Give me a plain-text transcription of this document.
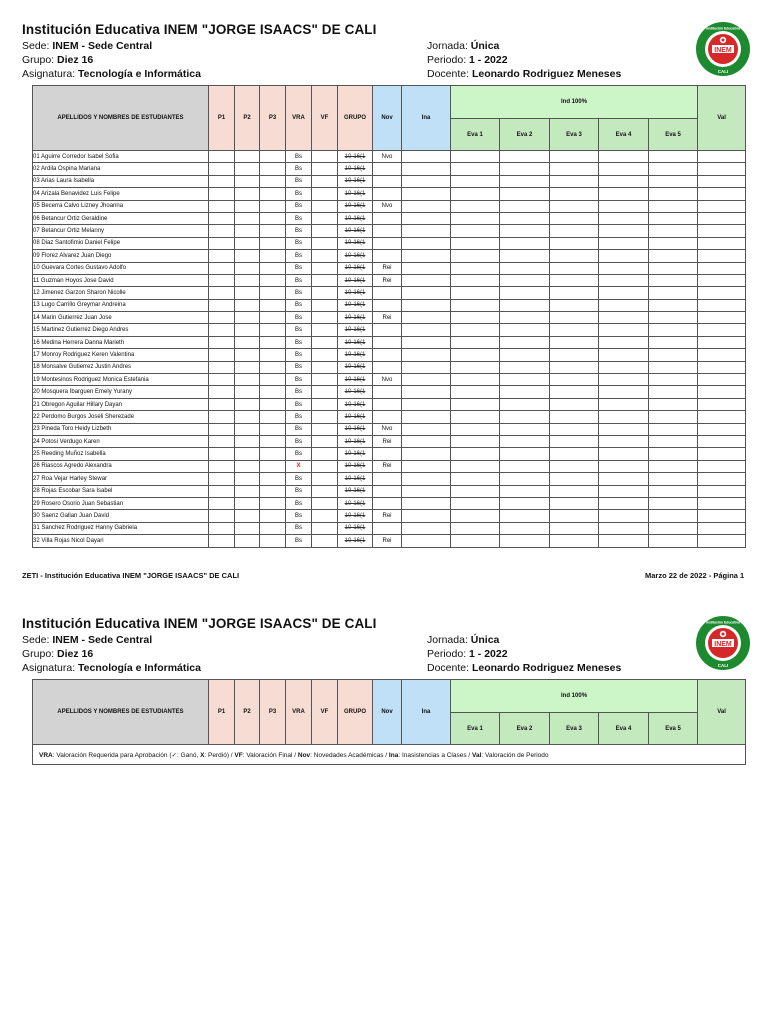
Institución Educativa INEM "JORGE ISAACS" DE CALI
Sede: INEM - Sede Central
Grupo: Diez 16
Asignatura: Tecnología e Informática
Jornada: Única
Periodo: 1 - 2022
Docente: Leonardo Rodriguez Meneses
INEM
CALI
Institución Educativa
APELLIDOS Y NOMBRES DE ESTUDIANTES	P1	P2	P3	VRA	VF	GRUPO	Nov	Ina	Ind 100%					Val
									Eva 1	Eva 2	Eva 3	Eva 4	Eva 5	
01 Aguirre Corredor Isabel Sofia				Bs		10-16(1	Nvo							
02 Ardila Ospina Mariana				Bs		10-16(1								
03 Arias Laura Isabella				Bs		10-16(1								
04 Arizala Benavidez Luis Felipe				Bs		10-16(1								
05 Becerra Calvo Lizney Jhoanna				Bs		10-16(1	Nvo							
06 Betancur Ortiz Geraldine				Bs		10-16(1								
07 Betancur Ortiz Melanny				Bs		10-16(1								
08 Diaz Santofimio Daniel Felipe				Bs		10-16(1								
09 Florez Alvarez Juan Diego				Bs		10-16(1								
10 Guevara Cortes Gustavo Adolfo				Bs		10-16(1	Rei							
11 Guzman Hoyos Jose David				Bs		10-16(1	Rei							
12 Jimenez Garzon Sharon Nicolle				Bs		10-16(1								
13 Lugo Carrillo Greymar Andreina				Bs		10-16(1								
14 Marin Gutierrez Juan Jose				Bs		10-16(1	Rei							
15 Martinez Gutierrez Diego Andres				Bs		10-16(1								
16 Medina Herrera Danna Marieth				Bs		10-16(1								
17 Monroy Rodriguez Keren Valentina				Bs		10-16(1								
18 Monsalve Gutierrez Justin Andres				Bs		10-16(1								
19 Montesinos Rodriguez Monica Estefania				Bs		10-16(1	Nvo							
20 Mosquera Ibarguen Emely Yurany				Bs		10-16(1								
21 Obregon Aguilar Hillary Dayan				Bs		10-16(1								
22 Perdomo Burgos Joseli Sherezade				Bs		10-16(1								
23 Pineda Toro Heidy Lizbeth				Bs		10-16(1	Nvo							
24 Potosi Verdugo Karen				Bs		10-16(1	Rei							
25 Reeding Muñoz Isabella				Bs		10-16(1								
26 Riascos Agredo Alexandra				X		10-16(1	Rei							
27 Roa Vejar Harley Stewar				Bs		10-16(1								
28 Rojas Escobar Sara Isabel				Bs		10-16(1								
29 Rosero Osorio Juan Sebastian				Bs		10-16(1								
30 Saenz Gallan Juan David				Bs		10-16(1	Rei							
31 Sanchez Rodriguez Hanny Gabriela				Bs		10-16(1								
32 Villa Rojas Nicol Dayari				Bs		10-16(1	Rei							
ZETI - Institución Educativa INEM "JORGE ISAACS" DE CALI	Marzo 22 de 2022 - Página 1
Institución Educativa INEM "JORGE ISAACS" DE CALI
Sede: INEM - Sede Central
Grupo: Diez 16
Asignatura: Tecnología e Informática
Jornada: Única
Periodo: 1 - 2022
Docente: Leonardo Rodriguez Meneses
INEM
CALI
Institución Educativa
APELLIDOS Y NOMBRES DE ESTUDIANTES	P1	P2	P3	VRA	VF	GRUPO	Nov	Ina	Ind 100%					Val
									Eva 1	Eva 2	Eva 3	Eva 4	Eva 5	
VRA: Valoración Requerida para Aprobación (✓: Ganó, X: Perdió) / VF: Valoración Final / Nov: Novedades Académicas / Ina: Inasistencias a Clases / Val: Valoración de Periodo														
